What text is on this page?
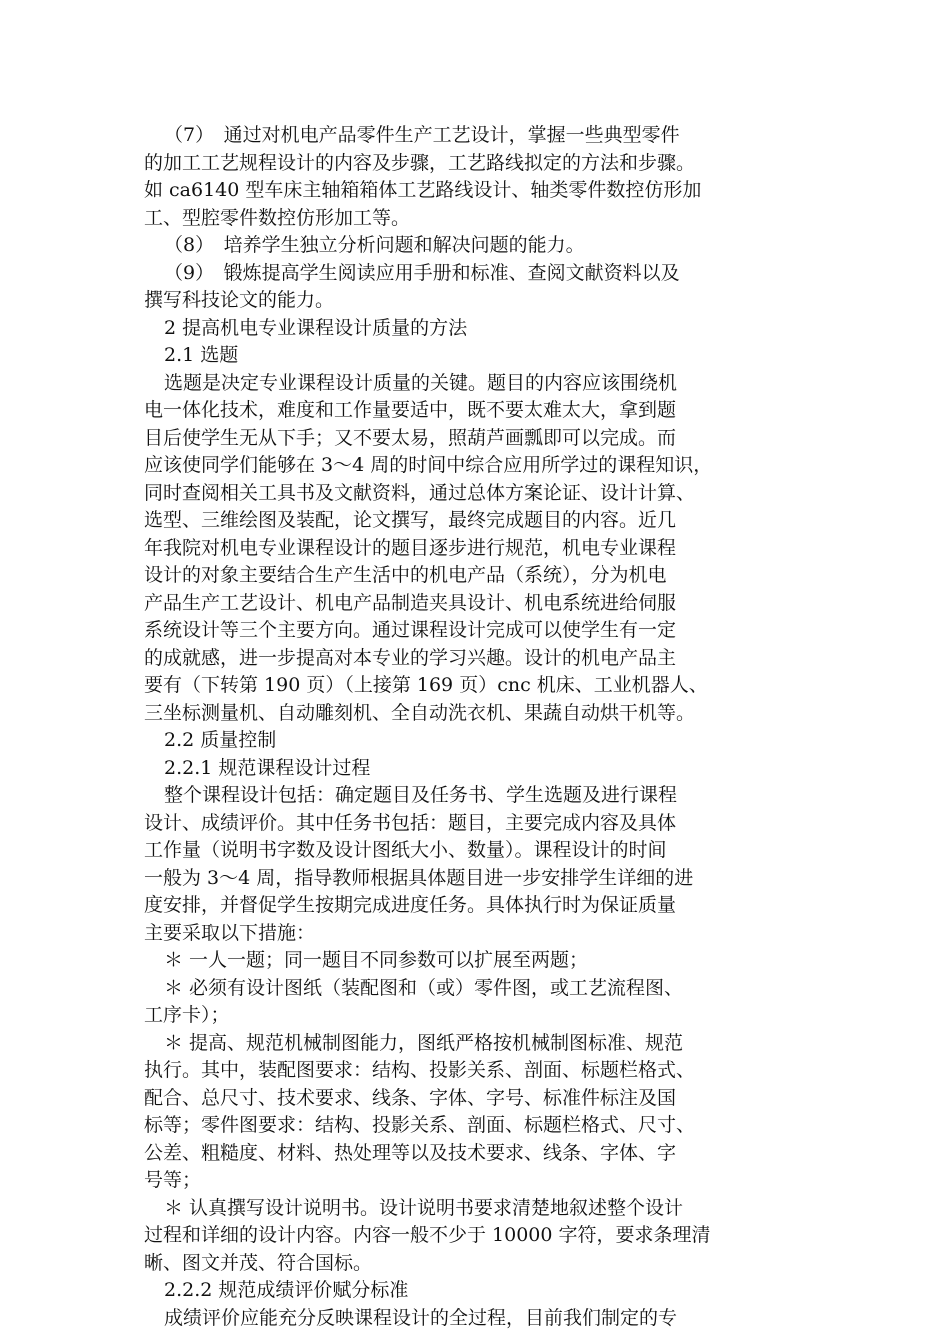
（7）　通过对机电产品零件生产工艺设计，掌握一些典型零件
的加工工艺规程设计的内容及步骤，工艺路线拟定的方法和步骤。
如 ca6140 型车床主轴箱箱体工艺路线设计、轴类零件数控仿形加
工、型腔零件数控仿形加工等。
（8）　培养学生独立分析问题和解决问题的能力。
（9）　锻炼提高学生阅读应用手册和标准、查阅文献资料以及
撰写科技论文的能力。
2 提高机电专业课程设计质量的方法
2.1 选题
选题是决定专业课程设计质量的关键。题目的内容应该围绕机
电一体化技术，难度和工作量要适中，既不要太难太大，拿到题
目后使学生无从下手；又不要太易，照葫芦画瓢即可以完成。而
应该使同学们能够在 3～4 周的时间中综合应用所学过的课程知识，
同时查阅相关工具书及文献资料，通过总体方案论证、设计计算、
选型、三维绘图及装配，论文撰写，最终完成题目的内容。近几
年我院对机电专业课程设计的题目逐步进行规范，机电专业课程
设计的对象主要结合生产生活中的机电产品（系统），分为机电
产品生产工艺设计、机电产品制造夹具设计、机电系统进给伺服
系统设计等三个主要方向。通过课程设计完成可以使学生有一定
的成就感，进一步提高对本专业的学习兴趣。设计的机电产品主
要有（下转第 190 页）（上接第 169 页）cnc 机床、工业机器人、
三坐标测量机、自动雕刻机、全自动洗衣机、果蔬自动烘干机等。
2.2 质量控制
2.2.1 规范课程设计过程
整个课程设计包括：确定题目及任务书、学生选题及进行课程
设计、成绩评价。其中任务书包括：题目，主要完成内容及具体
工作量（说明书字数及设计图纸大小、数量）。课程设计的时间
一般为 3～4 周，指导教师根据具体题目进一步安排学生详细的进
度安排，并督促学生按期完成进度任务。具体执行时为保证质量
主要采取以下措施：
＊ 一人一题；同一题目不同参数可以扩展至两题；
＊ 必须有设计图纸（装配图和（或）零件图，或工艺流程图、
工序卡）；
＊ 提高、规范机械制图能力，图纸严格按机械制图标准、规范
执行。其中，装配图要求：结构、投影关系、剖面、标题栏格式、
配合、总尺寸、技术要求、线条、字体、字号、标准件标注及国
标等；零件图要求：结构、投影关系、剖面、标题栏格式、尺寸、
公差、粗糙度、材料、热处理等以及技术要求、线条、字体、字
号等；
＊ 认真撰写设计说明书。设计说明书要求清楚地叙述整个设计
过程和详细的设计内容。内容一般不少于 10000 字符，要求条理清
晰、图文并茂、符合国标。
2.2.2 规范成绩评价赋分标准
成绩评价应能充分反映课程设计的全过程，目前我们制定的专
